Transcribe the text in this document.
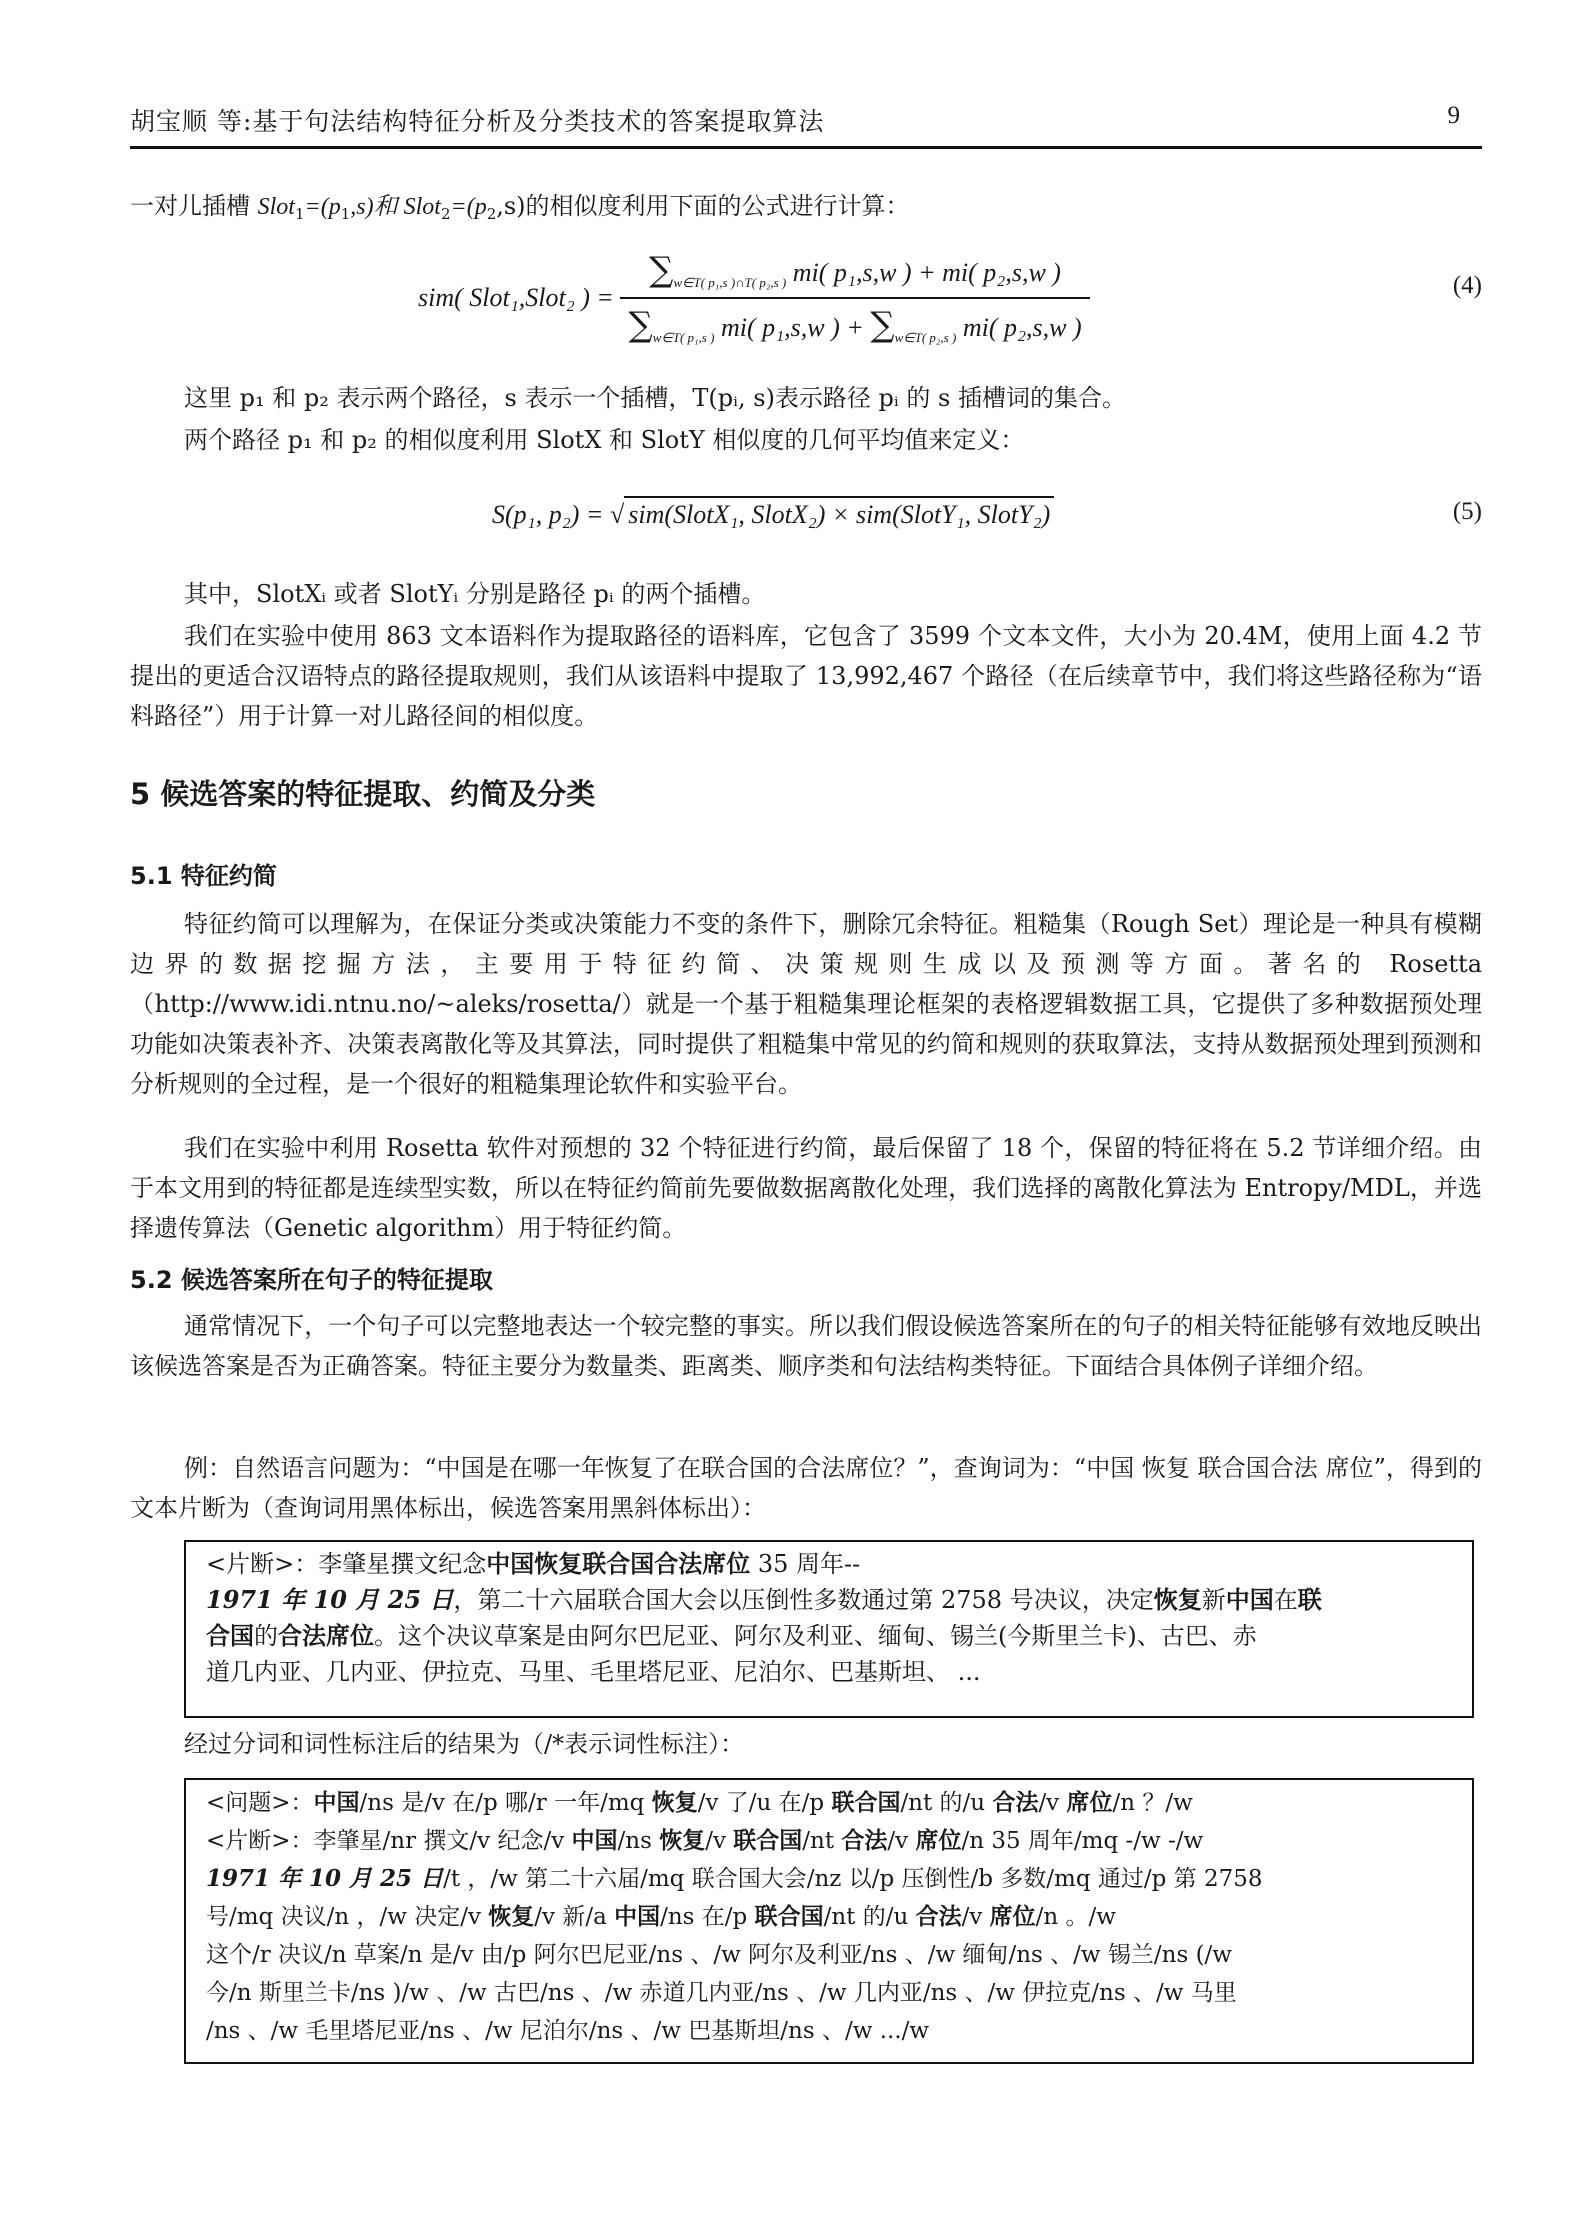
胡宝顺 等:基于句法结构特征分析及分类技术的答案提取算法	9
一对儿插槽 $Slot_1=(p_1,s)$和 $Slot_2=(p_2,s)$的相似度利用下面的公式进行计算：
sim( Slot₁,Slot₂ ) =
$\sum_{w\in T( p_1,s )\cap T( p_2,s )}$ mi( p₁,s,w ) + mi( p₂,s,w )
$\sum_{w\in T( p_1,s )}$ mi( p₁,s,w ) + $\sum_{w\in T( p_2,s )}$ mi( p₂,s,w )
(4)
这里 p₁ 和 p₂ 表示两个路径，s 表示一个插槽，T(pᵢ, s)表示路径 pᵢ 的 s 插槽词的集合。
两个路径 p₁ 和 p₂ 的相似度利用 SlotX 和 SlotY 相似度的几何平均值来定义：
S(p₁, p₂) = √ sim(SlotX₁, SlotX₂) × sim(SlotY₁, SlotY₂)	(5)
其中，SlotXᵢ 或者 SlotYᵢ 分别是路径 pᵢ 的两个插槽。
我们在实验中使用 863 文本语料作为提取路径的语料库，它包含了 3599 个文本文件，大小为 20.4M，使用上面 4.2 节提出的更适合汉语特点的路径提取规则，我们从该语料中提取了 13,992,467 个路径（在后续章节中，我们将这些路径称为“语料路径”）用于计算一对儿路径间的相似度。
5 候选答案的特征提取、约简及分类
5.1 特征约简
特征约简可以理解为，在保证分类或决策能力不变的条件下，删除冗余特征。粗糙集（Rough Set）理论是一种具有模糊边界的数据挖掘方法，主要用于特征约简、决策规则生成以及预测等方面。著名的 Rosetta（http://www.idi.ntnu.no/~aleks/rosetta/）就是一个基于粗糙集理论框架的表格逻辑数据工具，它提供了多种数据预处理功能如决策表补齐、决策表离散化等及其算法，同时提供了粗糙集中常见的约简和规则的获取算法，支持从数据预处理到预测和分析规则的全过程，是一个很好的粗糙集理论软件和实验平台。
我们在实验中利用 Rosetta 软件对预想的 32 个特征进行约简，最后保留了 18 个，保留的特征将在 5.2 节详细介绍。由于本文用到的特征都是连续型实数，所以在特征约简前先要做数据离散化处理，我们选择的离散化算法为 Entropy/MDL，并选择遗传算法（Genetic algorithm）用于特征约简。
5.2 候选答案所在句子的特征提取
通常情况下，一个句子可以完整地表达一个较完整的事实。所以我们假设候选答案所在的句子的相关特征能够有效地反映出该候选答案是否为正确答案。特征主要分为数量类、距离类、顺序类和句法结构类特征。下面结合具体例子详细介绍。
例：自然语言问题为：“中国是在哪一年恢复了在联合国的合法席位？”，查询词为：“中国 恢复 联合国合法 席位”，得到的文本片断为（查询词用黑体标出，候选答案用黑斜体标出）：
<片断>：李肇星撰文纪念中国恢复联合国合法席位 35 周年--
1971 年 10 月 25 日，第二十六届联合国大会以压倒性多数通过第 2758 号决议，决定恢复新中国在联
合国的合法席位。这个决议草案是由阿尔巴尼亚、阿尔及利亚、缅甸、锡兰(今斯里兰卡)、古巴、赤
道几内亚、几内亚、伊拉克、马里、毛里塔尼亚、尼泊尔、巴基斯坦、 ...
经过分词和词性标注后的结果为（/*表示词性标注）：
<问题>：中国/ns 是/v 在/p 哪/r 一年/mq 恢复/v 了/u 在/p 联合国/nt 的/u 合法/v 席位/n ？/w
<片断>：李肇星/nr 撰文/v 纪念/v 中国/ns 恢复/v 联合国/nt 合法/v 席位/n 35 周年/mq -/w -/w
1971 年 10 月 25 日/t ，/w 第二十六届/mq 联合国大会/nz 以/p 压倒性/b 多数/mq 通过/p 第 2758
号/mq 决议/n ，/w 决定/v 恢复/v 新/a 中国/ns 在/p 联合国/nt 的/u 合法/v 席位/n 。/w
这个/r 决议/n 草案/n 是/v 由/p 阿尔巴尼亚/ns 、/w 阿尔及利亚/ns 、/w 缅甸/ns 、/w 锡兰/ns (/w
今/n 斯里兰卡/ns )/w 、/w 古巴/ns 、/w 赤道几内亚/ns 、/w 几内亚/ns 、/w 伊拉克/ns 、/w 马里
/ns 、/w 毛里塔尼亚/ns 、/w 尼泊尔/ns 、/w 巴基斯坦/ns 、/w .../w
